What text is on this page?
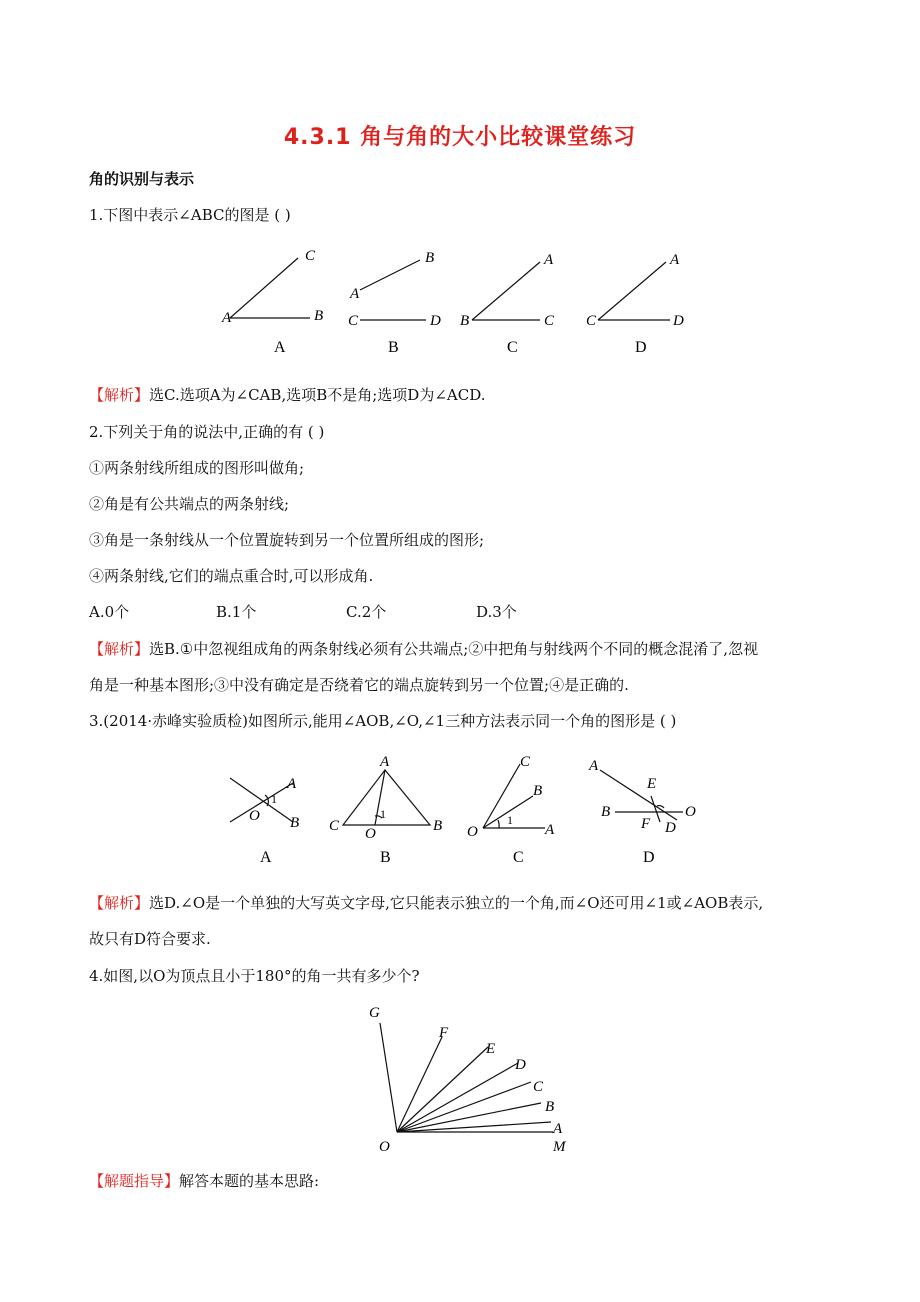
4.3.1 角与角的大小比较课堂练习
角的识别与表示
1.下图中表示∠ABC的图是 ( )
C
A	B
B
A
C	D
A
B	C
A
C	D
A	B	C	D
【解析】选C.选项A为∠CAB,选项B不是角;选项D为∠ACD.
2.下列关于角的说法中,正确的有 ( )
①两条射线所组成的图形叫做角;
②角是有公共端点的两条射线;
③角是一条射线从一个位置旋转到另一个位置所组成的图形;
④两条射线,它们的端点重合时,可以形成角.
A.0个	B.1个	C.2个	D.3个
【解析】选B.①中忽视组成角的两条射线必须有公共端点;②中把角与射线两个不同的概念混淆了,忽视
角是一种基本图形;③中没有确定是否绕着它的端点旋转到另一个位置;④是正确的.
3.(2014·赤峰实验质检)如图所示,能用∠AOB,∠O,∠1三种方法表示同一个角的图形是 ( )
A
1
O B
A
1
C O	B
C
B
1
O	A
A
E
B	O
F D
A	B	C	D
【解析】选D.∠O是一个单独的大写英文字母,它只能表示独立的一个角,而∠O还可用∠1或∠AOB表示,
故只有D符合要求.
4.如图,以O为顶点且小于180°的角一共有多少个?
G
F
E
D
C
B
A
M
O
【解题指导】解答本题的基本思路:
